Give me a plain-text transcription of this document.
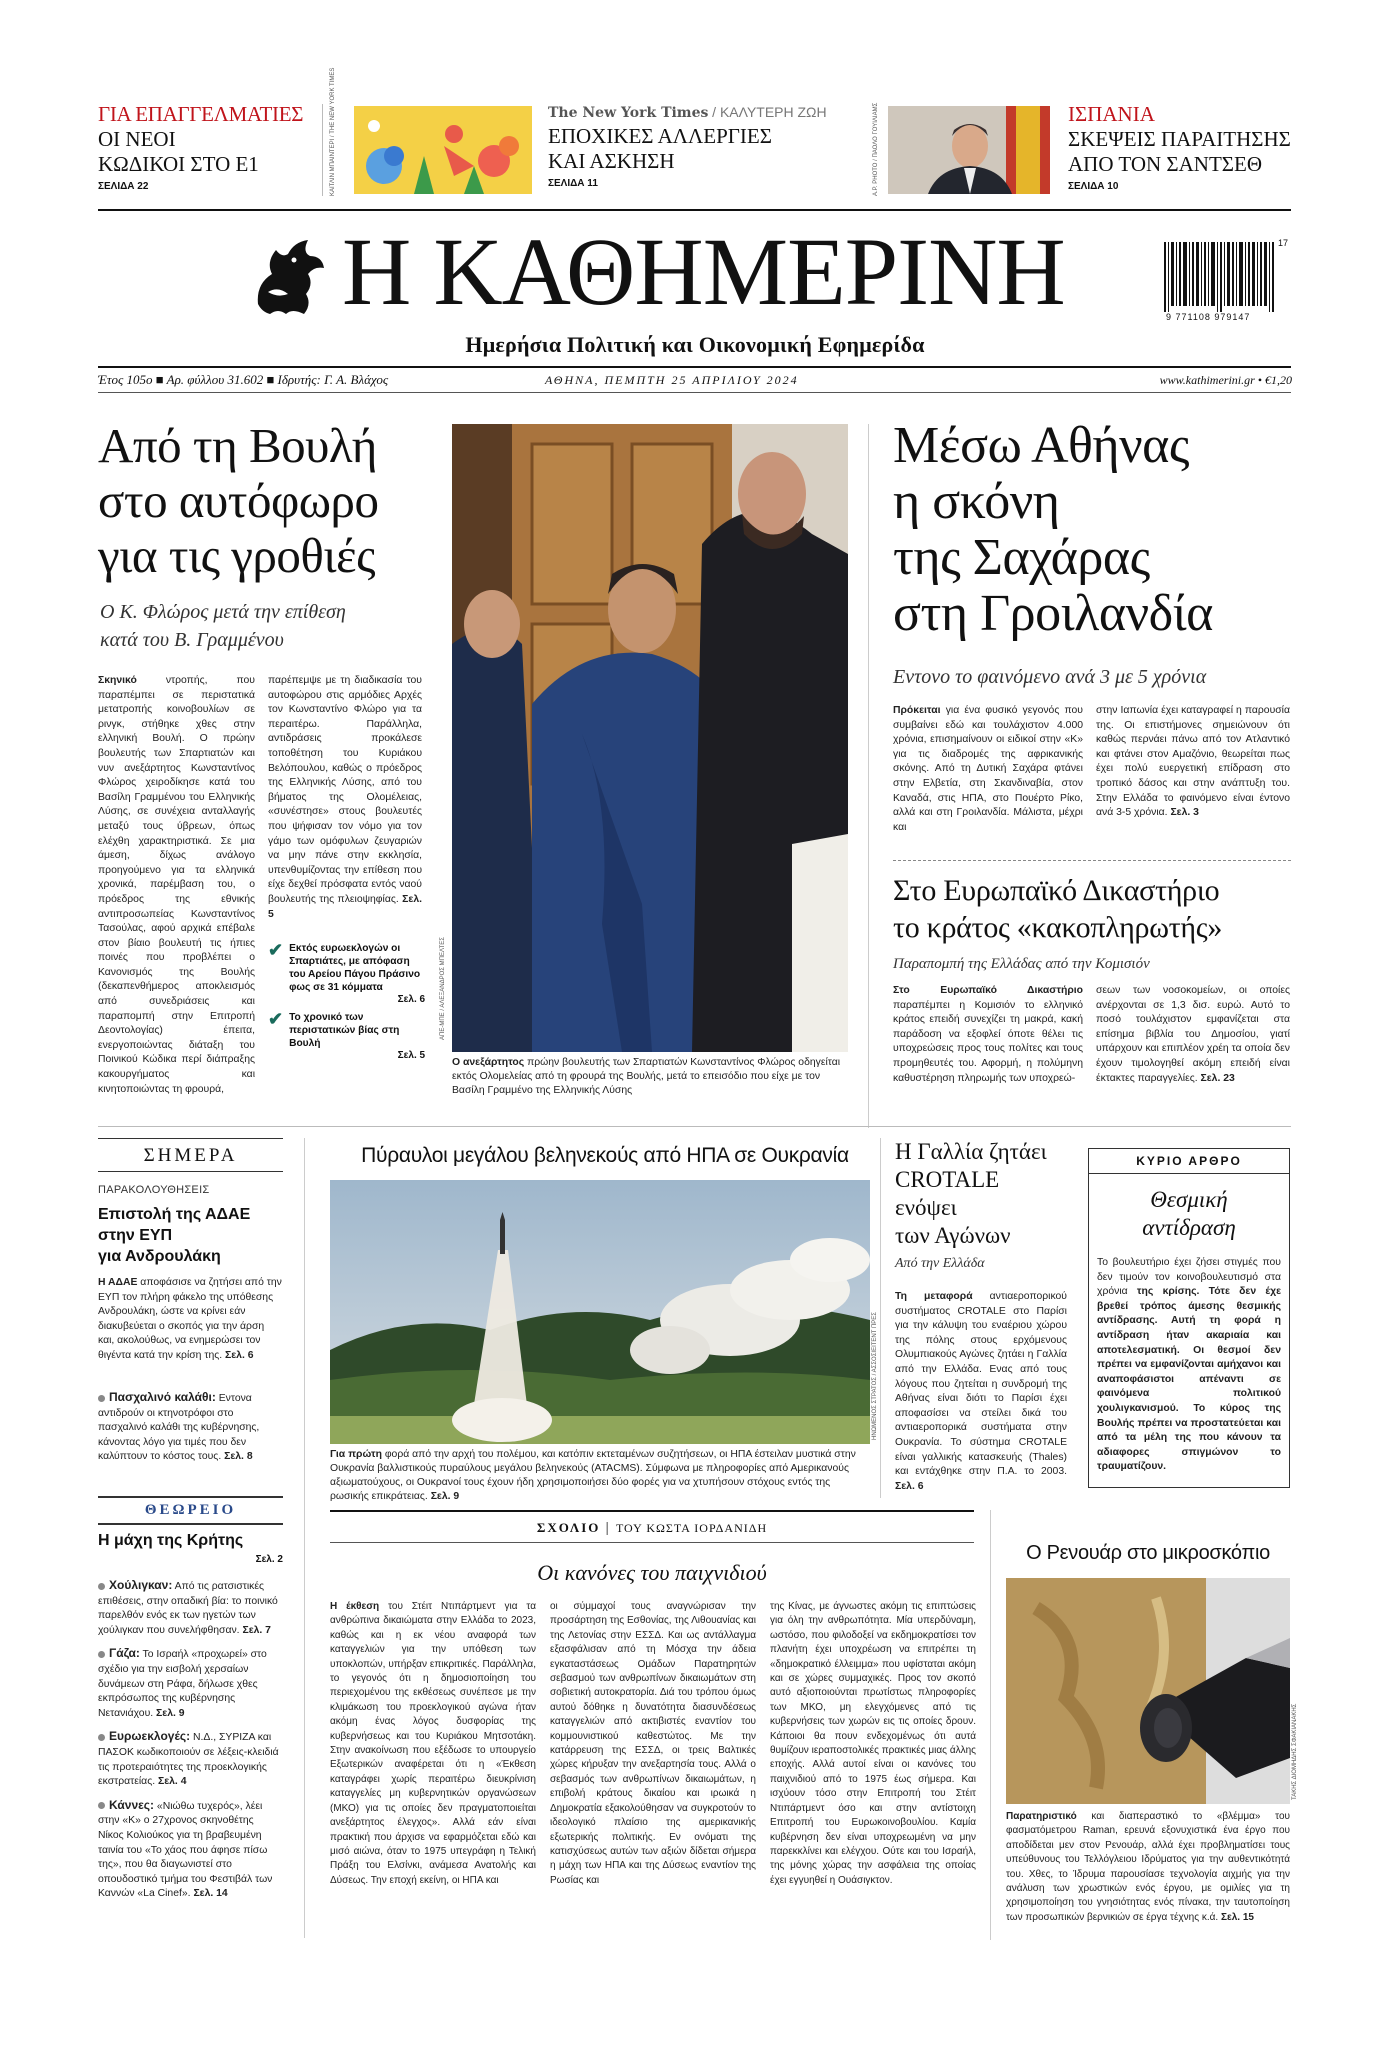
ΓΙΑ ΕΠΑΓΓΕΛΜΑΤΙΕΣ
ΟΙ ΝΕΟΙ
ΚΩΔΙΚΟΙ ΣΤΟ Ε1
ΣΕΛΙΔΑ 22	ΚΑΙΤΛΙΝ ΜΠΑΙΝΤΕΡΙ / THE NEW YORK TIMES	The New York Times / ΚΑΛΥΤΕΡΗ ΖΩΗ
ΕΠΟΧΙΚΕΣ ΑΛΛΕΡΓΙΕΣ
ΚΑΙ ΑΣΚΗΣΗ
ΣΕΛΙΔΑ 11	A.P. PHOTO / ΠΑΟΛΟ ΓΟΥΙΛΙΑΜΣ	ΙΣΠΑΝΙΑ
ΣΚΕΨΕΙΣ ΠΑΡΑΙΤΗΣΗΣ
ΑΠΟ ΤΟΝ ΣΑΝΤΣΕΘ
ΣΕΛΙΔΑ 10
Η ΚΑΘΗΜΕΡΙΝΗ
Ημερήσια Πολιτική και Οικονομική Εφημερίδα
9 771108 979147
17
Έτος 105ο ■ Αρ. φύλλου 31.602 ■ Ιδρυτής: Γ. Α. Βλάχος	ΑΘΗΝΑ, ΠΕΜΠΤΗ 25 ΑΠΡΙΛΙΟΥ 2024	www.kathimerini.gr • €1,20
Από τη Βουλή
στο αυτόφωρο
για τις γροθιές
Ο Κ. Φλώρος μετά την επίθεση
κατά του Β. Γραμμένου
Σκηνικό ντροπής, που παραπέμπει σε περιστατικά μετατροπής κοινοβουλίων σε ρινγκ, στήθηκε χθες στην ελληνική Βουλή. Ο πρώην βουλευτής των Σπαρτιατών και νυν ανεξάρτητος Κωνσταντίνος Φλώρος χειροδίκησε κατά του Βασίλη Γραμμένου του Ελληνικής Λύσης, σε συνέχεια ανταλλαγής μεταξύ τους ύβρεων, όπως ελέχθη χαρακτηριστικά. Σε μια άμεση, δίχως ανάλογο προηγούμενο για τα ελληνικά χρονικά, παρέμβαση του, ο πρόεδρος της εθνικής αντιπροσωπείας Κωνσταντίνος Τασούλας, αφού αρχικά επέβαλε στον βίαιο βουλευτή τις ήπιες ποινές που προβλέπει ο Κανονισμός της Βουλής (δεκαπενθήμερος αποκλεισμός από συνεδριάσεις και παραπομπή στην Επιτροπή Δεοντολογίας) έπειτα, ενεργοποιώντας διάταξη του Ποινικού Κώδικα περί διάπραξης κακουργήματος και κινητοποιώντας τη φρουρά,
παρέπεμψε με τη διαδικασία του αυτοφώρου στις αρμόδιες Αρχές τον Κωνσταντίνο Φλώρο για τα περαιτέρω. Παράλληλα, αντιδράσεις προκάλεσε τοποθέτηση του Κυριάκου Βελόπουλου, καθώς ο πρόεδρος της Ελληνικής Λύσης, από του βήματος της Ολομέλειας, «συνέστησε» στους βουλευτές που ψήφισαν τον νόμο για τον γάμο των ομόφυλων ζευγαριών να μην πάνε στην εκκλησία, υπενθυμίζοντας την επίθεση που είχε δεχθεί πρόσφατα εντός ναού βουλευτής της πλειοψηφίας. Σελ. 5
✔ Εκτός ευρωεκλογών οι Σπαρτιάτες, με απόφαση του Αρείου Πάγου Πράσινο φως σε 31 κόμματα
Σελ. 6
✔ Το χρονικό των περιστατικών βίας στη Βουλή
Σελ. 5
ΑΠΕ-ΜΠΕ / ΑΛΕΞΑΝΔΡΟΣ ΜΠΕΛΤΕΣ
Ο ανεξάρτητος πρώην βουλευτής των Σπαρτιατών Κωνσταντίνος Φλώρος οδηγείται εκτός Ολομελείας από τη φρουρά της Βουλής, μετά το επεισόδιο που είχε με τον Βασίλη Γραμμένο της Ελληνικής Λύσης
Μέσω Αθήνας
η σκόνη
της Σαχάρας
στη Γροιλανδία
Εντονο το φαινόμενο ανά 3 με 5 χρόνια
Πρόκειται για ένα φυσικό γεγονός που συμβαίνει εδώ και τουλάχιστον 4.000 χρόνια, επισημαίνουν οι ειδικοί στην «Κ» για τις διαδρομές της αφρικανικής σκόνης. Από τη Δυτική Σαχάρα φτάνει στην Ελβετία, στη Σκανδιναβία, στον Καναδά, στις ΗΠΑ, στο Πουέρτο Ρίκο, αλλά και στη Γροιλανδία. Μάλιστα, μέχρι και
στην Ιαπωνία έχει καταγραφεί η παρουσία της. Οι επιστήμονες σημειώνουν ότι καθώς περνάει πάνω από τον Ατλαντικό και φτάνει στον Αμαζόνιο, θεωρείται πως έχει πολύ ευεργετική επίδραση στο τροπικό δάσος και στην ανάπτυξη του. Στην Ελλάδα το φαινόμενο είναι έντονο ανά 3-5 χρόνια. Σελ. 3
Στο Ευρωπαϊκό Δικαστήριο
το κράτος «κακοπληρωτής»
Παραπομπή της Ελλάδας από την Κομισιόν
Στο Ευρωπαϊκό Δικαστήριο παραπέμπει η Κομισιόν το ελληνικό κράτος επειδή συνεχίζει τη μακρά, κακή παράδοση να εξοφλεί όποτε θέλει τις υποχρεώσεις προς τους πολίτες και τους προμηθευτές του. Αφορμή, η πολύμηνη καθυστέρηση πληρωμής των υποχρεώ-
σεων των νοσοκομείων, οι οποίες ανέρχονται σε 1,3 δισ. ευρώ. Αυτό το ποσό τουλάχιστον εμφανίζεται στα επίσημα βιβλία του Δημοσίου, γιατί υπάρχουν και επιπλέον χρέη τα οποία δεν έχουν τιμολογηθεί ακόμη επειδή είναι έκτακτες παραγγελίες. Σελ. 23
ΣΗΜΕΡΑ
ΠΑΡΑΚΟΛΟΥΘΗΣΕΙΣ
Επιστολή της ΑΔΑΕ
στην ΕΥΠ
για Ανδρουλάκη
Η ΑΔΑΕ αποφάσισε να ζητήσει από την ΕΥΠ τον πλήρη φάκελο της υπόθεσης Ανδρουλάκη, ώστε να κρίνει εάν διακυβεύεται ο σκοπός για την άρση και, ακολούθως, να ενημερώσει τον θιγέντα κατά την κρίση της. Σελ. 6
Πασχαλινό καλάθι: Εντονα αντιδρούν οι κτηνοτρόφοι στο πασχαλινό καλάθι της κυβέρνησης, κάνοντας λόγο για τιμές που δεν καλύπτουν το κόστος τους. Σελ. 8
ΘΕΩΡΕΙΟ
Η μάχη της Κρήτης
Σελ. 2
Χούλιγκαν: Από τις ρατσιστικές επιθέσεις, στην οπαδική βία: το ποινικό παρελθόν ενός εκ των ηγετών των χούλιγκαν που συνελήφθησαν. Σελ. 7
Γάζα: Το Ισραήλ «προχωρεί» στο σχέδιο για την εισβολή χερσαίων δυνάμεων στη Ράφα, δήλωσε χθες εκπρόσωπος της κυβέρνησης Νετανιάχου. Σελ. 9
Ευρωεκλογές: Ν.Δ., ΣΥΡΙΖΑ και ΠΑΣΟΚ κωδικοποιούν σε λέξεις-κλειδιά τις προτεραιότητες της προεκλογικής εκστρατείας. Σελ. 4
Κάννες: «Νιώθω τυχερός», λέει στην «Κ» ο 27χρονος σκηνοθέτης Νίκος Κολιούκος για τη βραβευμένη ταινία του «Το χάος που άφησε πίσω της», που θα διαγωνιστεί στο οπουδοστικό τμήμα του Φεστιβάλ των Καννών «La Cinef». Σελ. 14
Πύραυλοι μεγάλου βεληνεκούς από ΗΠΑ σε Ουκρανία
ΗΝΩΜΕΝΟΣ ΣΤΡΑΤΟΣ / ΑΣΣΟΣΙΕΙΤΕΝΤ ΠΡΕΣ
Για πρώτη φορά από την αρχή του πολέμου, και κατόπιν εκτεταμένων συζητήσεων, οι ΗΠΑ έστειλαν μυστικά στην Ουκρανία βαλλιστικούς πυραύλους μεγάλου βεληνεκούς (ATACMS). Σύμφωνα με πληροφορίες από Αμερικανούς αξιωματούχους, οι Ουκρανοί τους έχουν ήδη χρησιμοποιήσει δύο φορές για να χτυπήσουν στόχους εντός της ρωσικής επικράτειας. Σελ. 9
Η Γαλλία ζητάει
CROTALE
ενόψει
των Αγώνων
Από την Ελλάδα
Τη μεταφορά αντιαεροπορικού συστήματος CROTALE στο Παρίσι για την κάλυψη του εναέριου χώρου της πόλης στους ερχόμενους Ολυμπιακούς Αγώνες ζητάει η Γαλλία από την Ελλάδα. Ενας από τους λόγους που ζητείται η συνδρομή της Αθήνας είναι διότι το Παρίσι έχει αποφασίσει να στείλει δικά του αντιαεροπορικά συστήματα στην Ουκρανία. Το σύστημα CROTALE είναι γαλλικής κατασκευής (Thales) και εντάχθηκε στην Π.Α. το 2003. Σελ. 6
ΚΥΡΙΟ ΑΡΘΡΟ
Θεσμική
αντίδραση
Το βουλευτήριο έχει ζήσει στιγμές που δεν τιμούν τον κοινοβουλευτισμό στα χρόνια της κρίσης. Τότε δεν έχε βρεθεί τρόπος άμεσης θεσμικής αντίδρασης. Αυτή τη φορά η αντίδραση ήταν ακαριαία και αποτελεσματική. Οι θεσμοί δεν πρέπει να εμφανίζονται αμήχανοι και αναποφάσιστοι απέναντι σε φαινόμενα πολιτικού χουλιγκανισμού. Το κύρος της Βουλής πρέπει να προστατεύεται και από τα μέλη της που κάνουν τα αδιαφορες σπιγμώνον το τραυματίζουν.
ΣΧΟΛΙΟ | ΤΟΥ ΚΩΣΤΑ ΙΟΡΔΑΝΙΔΗ
Οι κανόνες του παιχνιδιού
Η έκθεση του Στέιτ Ντιπάρτμεντ για τα ανθρώπινα δικαιώματα στην Ελλάδα το 2023, καθώς και η εκ νέου αναφορά των καταγγελιών για την υπόθεση των υποκλοπών, υπήρξαν επικριτικές. Παράλληλα, το γεγονός ότι η δημοσιοποίηση του περιεχομένου της εκθέσεως συνέπεσε με την κλιμάκωση του προεκλογικού αγώνα ήταν ακόμη ένας λόγος δυσφορίας της κυβερνήσεως και του Κυριάκου Μητσοτάκη. Στην ανακοίνωση που εξέδωσε το υπουργείο Εξωτερικών αναφέρεται ότι η «Έκθεση καταγράφει χωρίς περαιτέρω διευκρίνιση καταγγελίες μη κυβερνητικών οργανώσεων (ΜΚΟ) για τις οποίες δεν πραγματοποιείται ανεξάρτητος έλεγχος». Αλλά εάν είναι πρακτική που άρχισε να εφαρμόζεται εδώ και μισό αιώνα, όταν το 1975 υπεγράφη η Τελική Πράξη του Ελσίνκι, ανάμεσα Ανατολής και Δύσεως. Την εποχή εκείνη, οι ΗΠΑ και
οι σύμμαχοί τους αναγνώρισαν την προσάρτηση της Εσθονίας, της Λιθουανίας και της Λετονίας στην ΕΣΣΔ. Και ως αντάλλαγμα εξασφάλισαν από τη Μόσχα την άδεια εγκαταστάσεως Ομάδων Παρατηρητών σεβασμού των ανθρωπίνων δικαιωμάτων στη σοβιετική αυτοκρατορία. Διά του τρόπου όμως αυτού δόθηκε η δυνατότητα διασυνδέσεως καταγγελιών από ακτιβιστές εναντίον του κομμουνιστικού καθεστώτος. Με την κατάρρευση της ΕΣΣΔ, οι τρεις Βαλτικές χώρες κήρυξαν την ανεξαρτησία τους. Αλλά ο σεβασμός των ανθρωπίνων δικαιωμάτων, η επιβολή κράτους δικαίου και ιρωικά η Δημοκρατία εξακολούθησαν να συγκροτούν το ιδεολογικό πλαίσιο της αμερικανικής εξωτερικής πολιτικής. Εν ονόματι της κατισχύσεως αυτών των αξιών δίδεται σήμερα η μάχη των ΗΠΑ και της Δύσεως εναντίον της Ρωσίας και
της Κίνας, με άγνωστες ακόμη τις επιπτώσεις για όλη την ανθρωπότητα. Μία υπερδύναμη, ωστόσο, που φιλοδοξεί να εκδημοκρατίσει τον πλανήτη έχει υποχρέωση να επιτρέπει τη «δημοκρατικό έλλειμμα» που υφίσταται ακόμη και σε χώρες συμμαχικές. Προς τον σκοπό αυτό αξιοποιούνται πρωτίστως πληροφορίες των ΜΚΟ, μη ελεγχόμενες από τις κυβερνήσεις των χωρών εις τις οποίες δρουν. Κάποιοι θα πουν ενδεχομένως ότι αυτά θυμίζουν ιεραποστολικές πρακτικές μιας άλλης εποχής. Αλλά αυτοί είναι οι κανόνες του παιχνιδιού από το 1975 έως σήμερα. Και ισχύουν τόσο στην Επιτροπή του Στέιτ Ντιπάρτμεντ όσο και στην αντίστοιχη Επιτροπή του Ευρωκοινοβουλίου. Καμία κυβέρνηση δεν είναι υποχρεωμένη να μην παρεκκλίνει και ελέγχου. Ούτε και του Ισραήλ, της μόνης χώρας την ασφάλεια της οποίας έχει εγγυηθεί η Ουάσιγκτον.
Ο Ρενουάρ στο μικροσκόπιο
ΤΑΚΗΣ ΔΙΟΜΗΔΗΣ ΣΦΑΚΙΑΝΑΚΗΣ
Παρατηριστικό και διαπεραστικό το «βλέμμα» του φασματόμετρου Raman, ερευνά εξονυχιστικά ένα έργο που αποδίδεται μεν στον Ρενουάρ, αλλά έχει προβληματίσει τους υπεύθυνους του Τελλόγλειου Ιδρύματος για την αυθεντικότητά του. Χθες, το Ίδρυμα παρουσίασε τεχνολογία αιχμής για την ανάλυση των χρωστικών ενός έργου, με ομιλίες για τη χρησιμοποίηση του γνησιότητας ενός πίνακα, την ταυτοποίηση των προσωπικών βερνικιών σε έργα τέχνης κ.ά. Σελ. 15
